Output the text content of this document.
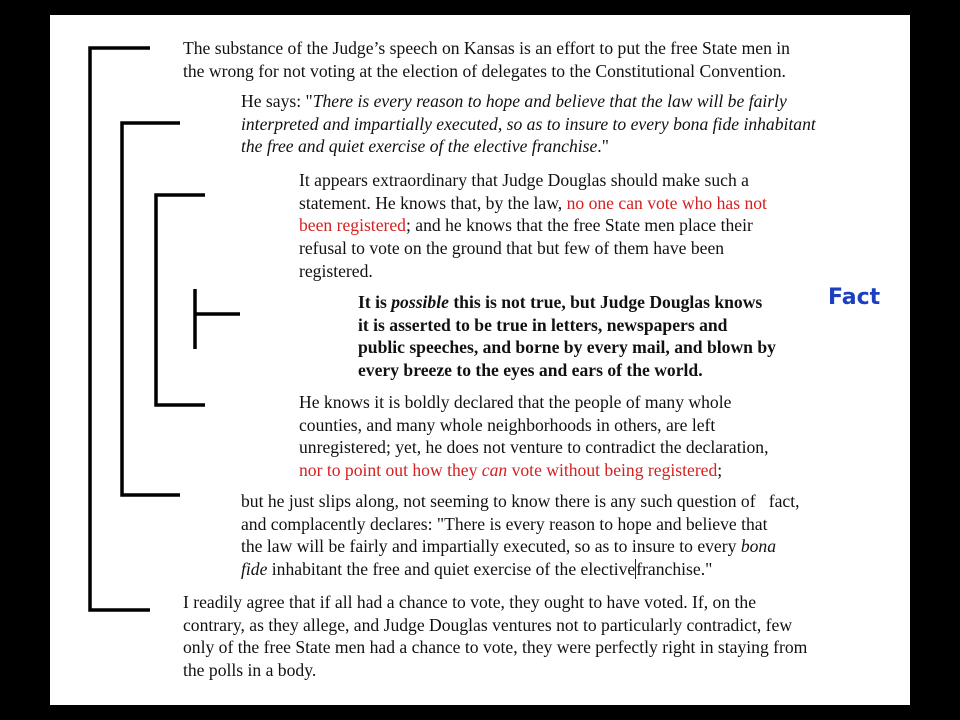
The substance of the Judge’s speech on Kansas is an effort to put the free State men in
the wrong for not voting at the election of delegates to the Constitutional Convention.

He says: "There is every reason to hope and believe that the law will be fairly
interpreted and impartially executed, so as to insure to every bona fide inhabitant
the free and quiet exercise of the elective franchise."

It appears extraordinary that Judge Douglas should make such a
statement. He knows that, by the law, no one can vote who has not
been registered; and he knows that the free State men place their
refusal to vote on the ground that but few of them have been
registered.

It is possible this is not true, but Judge Douglas knows
it is asserted to be true in letters, newspapers and
public speeches, and borne by every mail, and blown by
every breeze to the eyes and ears of the world.

Fact

He knows it is boldly declared that the people of many whole
counties, and many whole neighborhoods in others, are left
unregistered; yet, he does not venture to contradict the declaration,
nor to point out how they can vote without being registered;

but he just slips along, not seeming to know there is any such question of   fact,
and complacently declares: "There is every reason to hope and believe that
the law will be fairly and impartially executed, so as to insure to every bona
fide inhabitant the free and quiet exercise of the electivefranchise."

I readily agree that if all had a chance to vote, they ought to have voted. If, on the
contrary, as they allege, and Judge Douglas ventures not to particularly contradict, few
only of the free State men had a chance to vote, they were perfectly right in staying from
the polls in a body.
